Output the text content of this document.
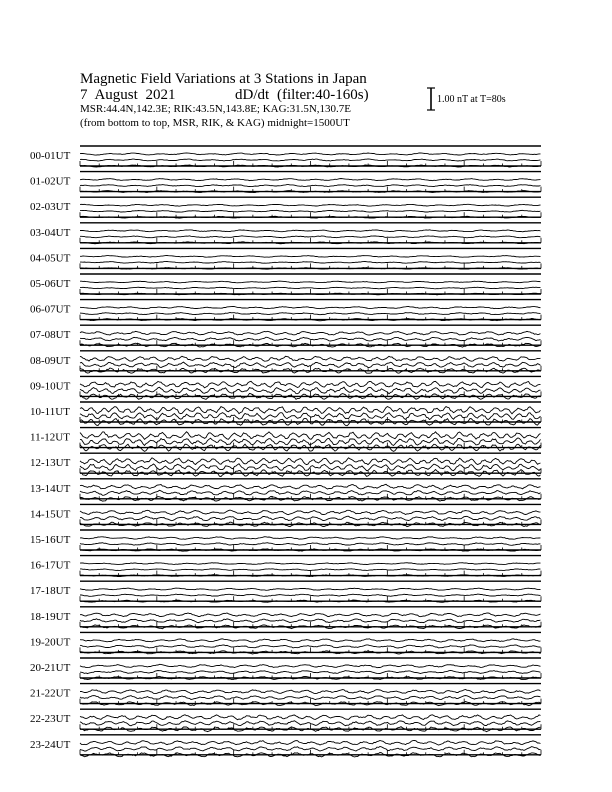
Magnetic Field Variations at 3 Stations in Japan
7 August 2021	dD/dt (filter:40-160s)
MSR:44.4N,142.3E; RIK:43.5N,143.8E; KAG:31.5N,130.7E
(from bottom to top, MSR, RIK, & KAG) midnight=1500UT
1.00 nT at T=80s
00-01UT
01-02UT
02-03UT
03-04UT
04-05UT
05-06UT
06-07UT
07-08UT
08-09UT
09-10UT
10-11UT
11-12UT
12-13UT
13-14UT
14-15UT
15-16UT
16-17UT
17-18UT
18-19UT
19-20UT
20-21UT
21-22UT
22-23UT
23-24UT
